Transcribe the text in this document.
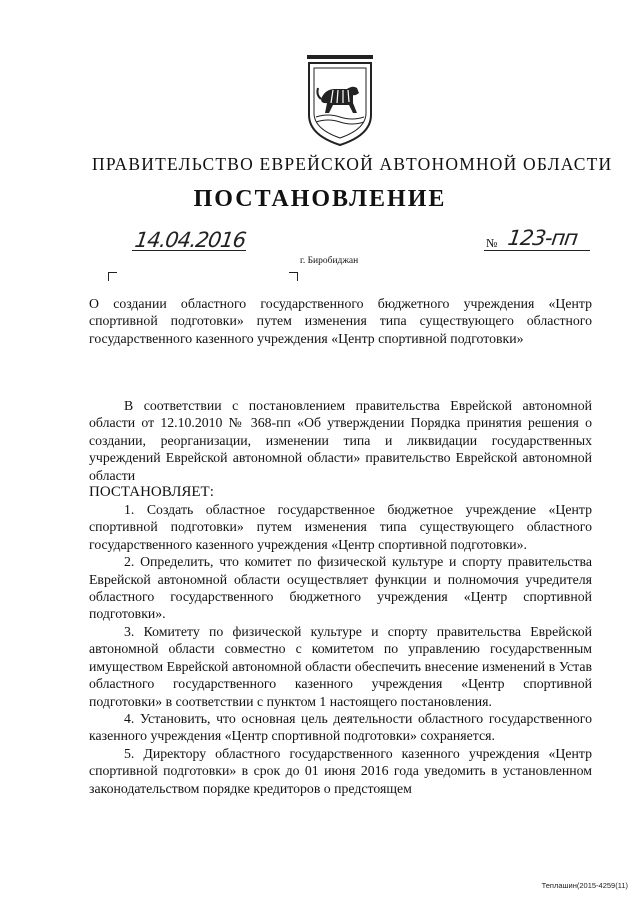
ПРАВИТЕЛЬСТВО ЕВРЕЙСКОЙ АВТОНОМНОЙ ОБЛАСТИ
ПОСТАНОВЛЕНИЕ
14.04.2016	№ 123-пп
г. Биробиджан
О создании областного государственного бюджетного учреждения «Центр спортивной подготовки» путем изменения типа существующего областного государственного казенного учреждения «Центр спортивной подготовки»

В соответствии с постановлением правительства Еврейской автономной области от 12.10.2010 № 368-пп «Об утверждении Порядка принятия решения о создании, реорганизации, изменении типа и ликвидации государственных учреждений Еврейской автономной области» правительство Еврейской автономной области

ПОСТАНОВЛЯЕТ:

1. Создать областное государственное бюджетное учреждение «Центр спортивной подготовки» путем изменения типа существующего областного государственного казенного учреждения «Центр спортивной подготовки».

2. Определить, что комитет по физической культуре и спорту правительства Еврейской автономной области осуществляет функции и полномочия учредителя областного государственного бюджетного учреждения «Центр спортивной подготовки».

3. Комитету по физической культуре и спорту правительства Еврейской автономной области совместно с комитетом по управлению государственным имуществом Еврейской автономной области обеспечить внесение изменений в Устав областного государственного казенного учреждения «Центр спортивной подготовки» в соответствии с пунктом 1 настоящего постановления.

4. Установить, что основная цель деятельности областного государственного казенного учреждения «Центр спортивной подготовки» сохраняется.

5. Директору областного государственного казенного учреждения «Центр спортивной подготовки» в срок до 01 июня 2016 года уведомить в установленном законодательством порядке кредиторов о предстоящем

Теплашин(2015-4259(11)
